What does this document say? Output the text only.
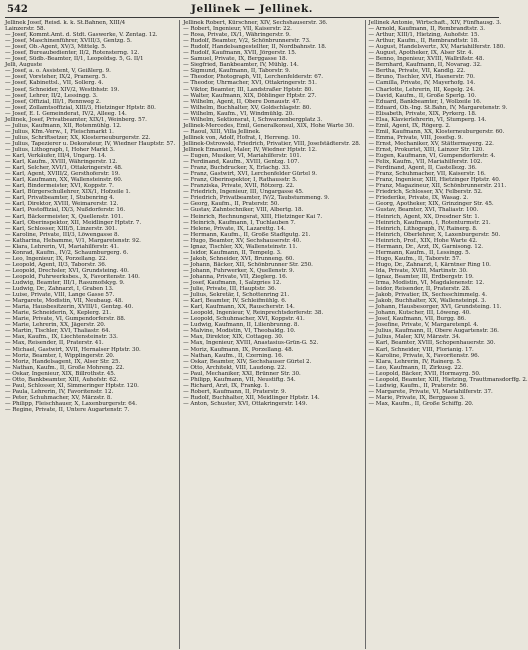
542	Jellinek — Jellinek.
Jellinek Josef, Reisd. k. k. St.Bahnen, XIII/4
Lainzerstr. 58.
— Josef, Kommt.Amt. d. Stdt. Gaswerke, V. Zentag. 12.
— Josef, Maschinenführer, XVIII/3, Gentzg. 5.
— Josef, Ob.-Agent, XV/3, Mittelg. 5.
— Josef, Bureaubedienter, II/2, Rotensterng. 12.
— Josef, Südb.-Beamter, II/1, Leopoldsg. 5, G. II/1
Jelli, Auguste
— Josef, a. o. Assistent, V, Geißlerg. 9.
— Josef, Vorsteher, IX/2, Pramerg. 5.
— Josef, Kabinettsl., VII, Sollerg. 4.
— Josef, Schneider, XIV/2, Westbhstr. 19.
— Josef, Lehrer, II/2, Lessingg. 3.
— Josef, Offizial, III/1, Rennweg 2.
— Josef, Zollamtsoffizial, XIII/3, Hietzinger Hptstr. 80.
— Josef, E. I. Gemeinderat, IV/2, Alleeg. 14.
Jellinek, Josef, Privatbeamter, XIX/1, Weinberg. 57.
— Julius, Kaufmann, XII, Rotenmühlg. 12.
— Julius, Kfm.-Verw., I, Fleischmarkt 1.
— Julius, Schriftsetzer, XX, Klosterneuburgerstr. 22.
— Julius, Tapezierer u. Dekorateur, IV, Wiedner Hauptstr. 57.
— Julius, Lithograph, I, Hoher Markt 3.
— Karl, Verkäufer, III/4, Ungarg. 14.
— Karl, Kaufm., XVIII, Währingerstr. 12.
— Karl, Selcher, XVI/1, Ottakringerstr. 48.
— Karl, Agent, XVIII/2, Gersthoferstr. 19.
— Karl, Kaufmann, XX, Wallensteinstr. 60.
— Karl, Bindermeister, XVI, Koppstr. 7.
— Karl, Bürgerschullehrer, XIX/1, Hofzeile 1.
— Karl, Privatbeamter, I, Stubenring 4.
— Karl, Direktor, XVIII, Weimarerstr. 12.
— Karl, Postoffizial, IX/3, Nußdorferstr. 16.
— Karl, Bäckermeister, X, Quellenstr. 101.
— Karl, Oberinspektor, XII, Meidlinger Hptstr. 7.
— Karl, Schlosser, XIII/5, Linzerstr. 301.
— Karoline, Private, III/3, Löwengasse 8.
— Katharina, Hebamme, V/1, Margaretenstr. 92.
— Klara, Lehrerin, VI, Mariahilferstr. 41.
— Konrad, Kaufm., IV/2, Schaumburgerg. 6.
— Leo, Ingenieur, IX, Porzellang. 22.
— Leopold, Agent, II/3, Taborstr. 36.
— Leopold, Drechsler, XVI, Grundsteing. 40.
— Leopold, Fuhrwerksbes., X, Favoritenstr. 140.
— Ludwig, Beamter, III/1, Rasumofskyg. 9.
— Ludwig, Dr., Zahnarzt, I, Graben 13.
— Luise, Private, VIII, Lange Gasse 57.
— Margarete, Modistin, VII, Neubaug. 48.
— Maria, Hausbesitzerin, XVIII/1, Gentzg. 40.
— Marie, Schneiderin, X, Keplerg. 21.
— Marie, Private, VI, Gumpendorferstr. 88.
— Marie, Lehrerin, XX, Jägerstr. 20.
— Martin, Tischler, XVI, Thaliastr. 64.
— Max, Kaufm., IX, Liechtensteinstr. 33.
— Max, Reisender, II, Praterstr. 41.
— Michael, Gastwirt, XVII, Hernalser Hptstr. 30.
— Moriz, Beamter, I, Wipplingerstr. 20.
— Moriz, Handelsagent, IX, Alser Str. 25.
— Nathan, Kaufm., II, Große Mohreng. 22.
— Oskar, Ingenieur, XIX, Billrothstr. 45.
— Otto, Bankbeamter, XIII, Auhofstr. 62.
— Paul, Schlosser, XI, Simmeringer Hptstr. 120.
— Paula, Lehrerin, IV, Favoritenstr. 12.
— Peter, Schuhmacher, XV, Märzstr. 8.
— Philipp, Fleischhauer, X, Laxenburgerstr. 64.
— Regine, Private, II, Untere Augartenstr. 7.
Jellinek Robert, Kürschner, XIV, Sechshauserstr. 36.
— Robert, Ingenieur, VII, Kaiserstr. 22.
— Rosa, Private, IX/1, Währingerstr. 9.
— Rudolf, Beamter, V/2, Schönbrunnerstr. 73.
— Rudolf, Handelsangestellter, II, Nordbahnstr. 18.
— Rudolf, Kaufmann, XVII, Jörgerstr. 15.
— Samuel, Private, IX, Berggasse 18.
— Siegfried, Bankbeamter, IV, Mühlg. 14.
— Sigmund, Kaufmann, II, Taborstr. 9.
— Theodor, Photograph, VII, Lerchenfelderstr. 67.
— Theodor, Uhrmacher, XVI, Ottakringerstr. 51.
— Viktor, Beamter, III, Landstraßer Hptstr. 80.
— Walter, Kaufmann, XIX, Döblinger Hptstr. 27.
— Wilhelm, Agent, II, Obere Donaustr. 47.
— Wilhelm, Buchhalter, XV, Goldschlagstr. 80.
— Wilhelm, Kaufm., VI, Windmühlg. 20.
— Wilhelm, Sektionsrat, I, Schwarzenbergplatz 3.
Jellinek-Mercedes, Emil, Generalkonsul, XIX, Hohe Warte 30.
— Raoul, XIII, Villa Jellinek.
Jellinek von, Adolf, Hofrat, I, Herreng. 10.
Jellinek-Ostrowski, Friedrich, Privatier, VIII, Josefstädterstr. 28.
Jellinek Emanuel, Maler, IV, Wiedner Hptstr. 12.
— Eugen, Musiker, VI, Mariahilferstr. 101.
— Ferdinand, Kaufm., XVIII, Gentzg. 107.
— Franz, Buchdrucker, X, Erlachg. 33.
— Franz, Gastwirt, XVI, Lerchenfelder Gürtel 9.
— Franz, Oberinspektor, I, Rathausstr. 5.
— Franziska, Private, XVII, Rötzerg. 22.
— Friedrich, Ingenieur, III, Ungargasse 45.
— Friedrich, Privatbeamter, IV/2, Taubstummeng. 9.
— Georg, Kaufm., II, Praterstr. 50.
— Gustav, Zahntechniker, VIII, Albertg. 18.
— Heinrich, Rechnungsrat, XIII, Hietzinger Kai 7.
— Heinrich, Kaufmann, I, Tuchlauben 7.
— Helene, Private, IX, Lazarettg. 14.
— Hermann, Kaufm., II, Große Stadtgutg. 21.
— Hugo, Beamter, XV, Sechshauserstr. 40.
— Ignaz, Tischler, XX, Wallensteinstr. 11.
— Isidor, Kaufmann, II, Tempelg. 3.
— Jakob, Schneider, XVI, Brunneng. 60.
— Johann, Bäcker, XII, Schönbrunner Str. 250.
— Johann, Fuhrwerker, X, Quellenstr. 9.
— Johanna, Private, VII, Zieglerg. 16.
— Josef, Kaufmann, I, Salzgries 12.
— Julie, Private, III, Hauptstr. 36.
— Julius, Sekretär, I, Schottenring 21.
— Karl, Beamter, IV, Schleifmühlg. 6.
— Karl, Kaufmann, XX, Rauscherstr. 14.
— Leopold, Ingenieur, V, Reinprechtsdorferstr. 38.
— Leopold, Schuhmacher, XVI, Koppstr. 41.
— Ludwig, Kaufmann, II, Lilienbrunng. 8.
— Malvine, Modistin, VI, Theobaldg. 10.
— Max, Direktor, XIX, Cottageg. 30.
— Max, Ingenieur, XVIII, Anastasius-Grün-G. 52.
— Moriz, Kaufmann, IX, Porzellang. 48.
— Nathan, Kaufm., II, Czerning. 16.
— Oskar, Beamter, XIV, Sechshauser Gürtel 2.
— Otto, Architekt, VIII, Laudong. 22.
— Paul, Mechaniker, XXI, Brünner Str. 30.
— Philipp, Kaufmann, VII, Neustiftg. 54.
— Richard, Arzt, IX, Frankg. 1.
— Robert, Kaufmann, II, Praterstr. 9.
— Rudolf, Buchhalter, XII, Meidlinger Hptstr. 14.
— Anton, Schuster, XVI, Ottakringerstr. 149.
Jellinek Antonie, Wirtschaft., XIV, Fünfhausg. 3.
— Arnold, Kaufmann, II, Rembrandtstr. 3.
— Arthur, XIII/1, Hietzing, Auhofstr. 15.
— Arthur, Kaufm., II, Rembrandtstr. 18.
— August, Handelsvertr., XV, Mariahilferstr. 180.
— August, Apotheker, IX, Alser Str. 4.
— Benno, Ingenieur, XVIII, Wallrißstr. 48.
— Bernhard, Kaufmann, II, Novarag. 32.
— Bertha, Private, VII, Kandlg. 22.
— Bruno, Tischler, XVI, Hasnerstr. 70.
— Camilla, Private, IV, Mayerhofg. 14.
— Charlotte, Lehrerin, III, Kegelg. 24.
— David, Kaufm., II, Große Sperlg. 10.
— Eduard, Bankbeamter, I, Wollzeile 16.
— Eduard, Ob.-Ing. St.Bahn, IV, Margaretenstr. 9.
— Elisabeth, Private, XIX, Pyrkerg. 18.
— Elsa, Klavierlehrerin, VI, Stumperg. 14.
— Emil, Agent, IX, Rögerg. 2.
— Emil, Kaufmann, XX, Klosterneuburgerstr. 60.
— Emma, Private, VIII, Josefsg. 9.
— Ernst, Mechaniker, XV, Stättermayerg. 22.
— Ernst, Prokurist, XIII, Lainzer Str. 120.
— Eugen, Kaufmann, VI, Gumpendorferstr. 4.
— Felix, Kaufm., VII, Mariahilferstr. 102.
— Ferdinand, Agent, II, Castellezg. 36.
— Franz, Schuhmacher, VII, Kaiserstr. 16.
— Franz, Ingenieur, XIII, Hietzinger Hptstr. 40.
— Franz, Magazineur, XII, Schönbrunnerstr. 211.
— Friedrich, Schlosser, XV, Felberstr. 52.
— Friederike, Private, IX, Wasag. 2.
— Georg, Apotheker, XIX, Grinzinger Str. 45.
— Gustav, Beamter, XVI, Thaliastr. 100.
— Heinrich, Agent, XX, Dresdner Str. 1.
— Heinrich, Kaufmann, I, Rotenturmstr. 21.
— Heinrich, Lithograph, IV, Rainerg. 8.
— Heinrich, Oberlehrer, X, Laxenburgerstr. 50.
— Heinrich, Prof., XIX, Hohe Warte 42.
— Hermann, Dr., Arzt, IX, Garnisong. 12.
— Hermann, Kaufm., II, Lessingg. 5.
— Hugo, Kaufm., II, Taborstr. 57.
— Hugo, Dr., Zahnarzt, I, Kärntner Ring 10.
— Ida, Private, XVIII, Martinstr. 30.
— Ignaz, Beamter, III, Erdbergstr. 19.
— Irma, Modistin, VI, Magdalenenstr. 12.
— Isidor, Reisender, II, Praterstr. 28.
— Jakob, Privatier, IX, Sechsschimmelg. 4.
— Jakob, Buchhalter, XX, Wallensteinpl. 3.
— Johann, Hausbesorger, XVI, Grundsteing. 11.
— Johann, Kutscher, III, Löweng. 40.
— Josef, Kaufmann, VII, Burgg. 86.
— Josefine, Private, V, Margaretenpl. 4.
— Julius, Kaufmann, II, Obere Augartenstr. 36.
— Julius, Maler, XIV, Märzstr. 34.
— Karl, Beamter, XVIII, Schopenhauerstr. 30.
— Karl, Schneider, VIII, Florianig. 17.
— Karoline, Private, X, Favoritenstr. 96.
— Klara, Lehrerin, IV, Rainerg. 5.
— Leo, Kaufmann, II, Zirkusg. 22.
— Leopold, Bäcker, XVII, Hormayrg. 50.
— Leopold, Beamter, XIII, Hietzing, Trauttmansdorffg. 2.
— Ludwig, Kaufm., II, Praterstr. 56.
— Margarete, Private, VI, Mariahilferstr. 37.
— Marie, Private, IX, Berggasse 3.
— Max, Kaufm., II, Große Schiffg. 20.
